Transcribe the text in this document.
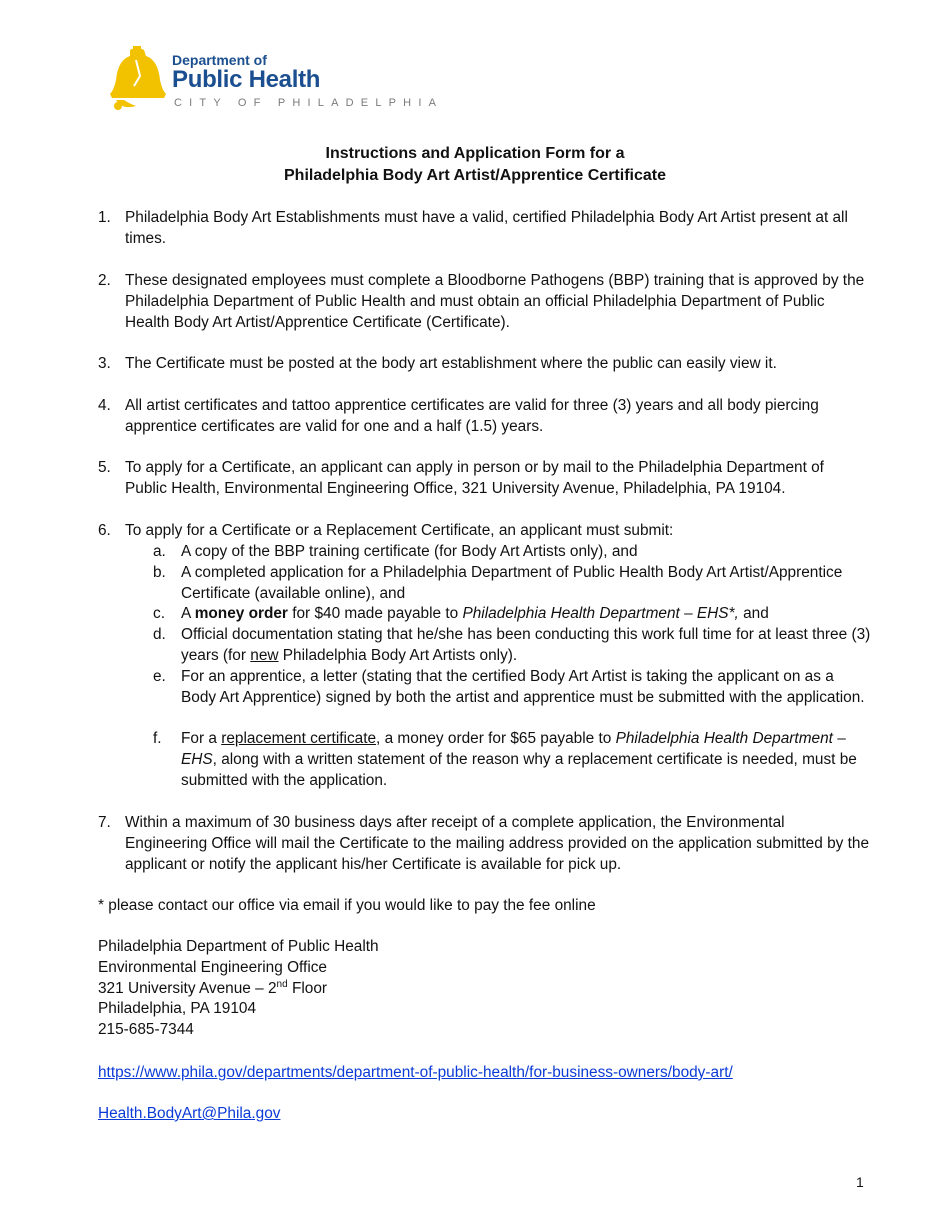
Department of
Public Health
CITY OF PHILADELPHIA
Instructions and Application Form for a
Philadelphia Body Art Artist/Apprentice Certificate
1. Philadelphia Body Art Establishments must have a valid, certified Philadelphia Body Art Artist present at all times.
2. These designated employees must complete a Bloodborne Pathogens (BBP) training that is approved by the Philadelphia Department of Public Health and must obtain an official Philadelphia Department of Public Health Body Art Artist/Apprentice Certificate (Certificate).
3. The Certificate must be posted at the body art establishment where the public can easily view it.
4. All artist certificates and tattoo apprentice certificates are valid for three (3) years and all body piercing apprentice certificates are valid for one and a half (1.5) years.
5. To apply for a Certificate, an applicant can apply in person or by mail to the Philadelphia Department of Public Health, Environmental Engineering Office, 321 University Avenue, Philadelphia, PA 19104.
6. To apply for a Certificate or a Replacement Certificate, an applicant must submit:
a. A copy of the BBP training certificate (for Body Art Artists only), and
b. A completed application for a Philadelphia Department of Public Health Body Art Artist/Apprentice Certificate (available online), and
c. A money order for $40 made payable to Philadelphia Health Department – EHS*, and
d. Official documentation stating that he/she has been conducting this work full time for at least three (3) years (for new Philadelphia Body Art Artists only).
e. For an apprentice, a letter (stating that the certified Body Art Artist is taking the applicant on as a Body Art Apprentice) signed by both the artist and apprentice must be submitted with the application.
f. For a replacement certificate, a money order for $65 payable to Philadelphia Health Department – EHS, along with a written statement of the reason why a replacement certificate is needed, must be submitted with the application.
7. Within a maximum of 30 business days after receipt of a complete application, the Environmental Engineering Office will mail the Certificate to the mailing address provided on the application submitted by the applicant or notify the applicant his/her Certificate is available for pick up.
* please contact our office via email if you would like to pay the fee online
Philadelphia Department of Public Health
Environmental Engineering Office
321 University Avenue – 2nd Floor
Philadelphia, PA 19104
215-685-7344
https://www.phila.gov/departments/department-of-public-health/for-business-owners/body-art/
Health.BodyArt@Phila.gov
1
